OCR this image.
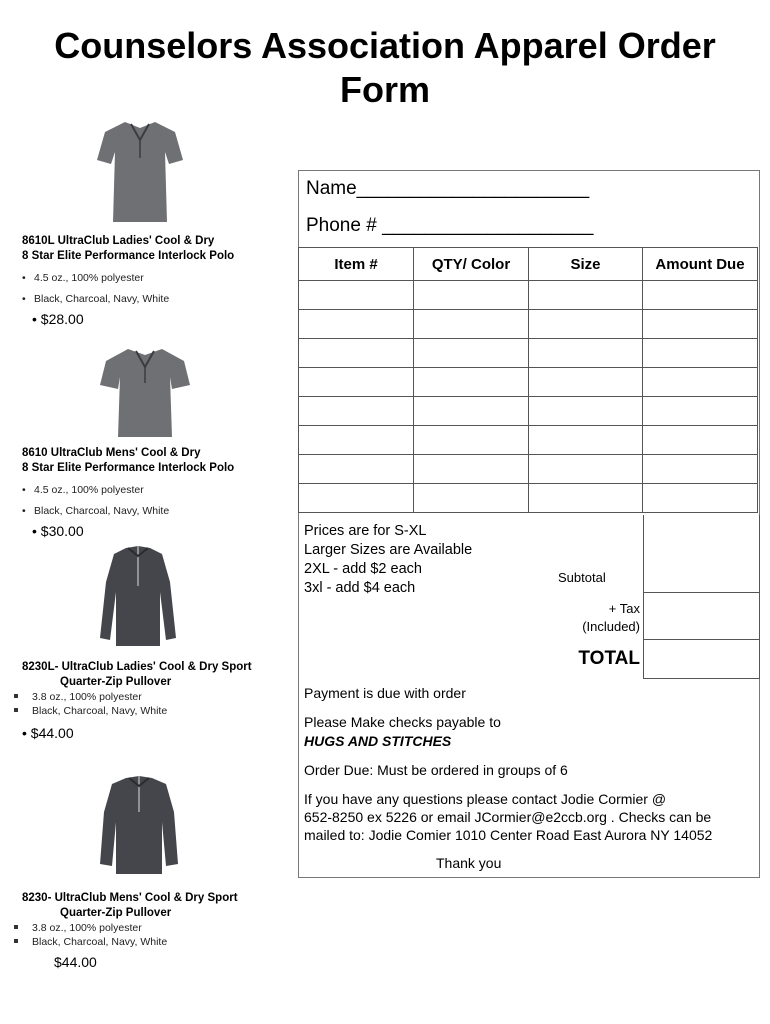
Counselors Association Apparel Order
Form
8610L UltraClub Ladies' Cool & Dry
8 Star Elite Performance Interlock Polo
• 4.5 oz., 100% polyester
• Black, Charcoal, Navy, White
• $28.00
8610 UltraClub Mens' Cool & Dry
8 Star Elite Performance Interlock Polo
• 4.5 oz., 100% polyester
• Black, Charcoal, Navy, White
• $30.00
8230L- UltraClub Ladies' Cool & Dry Sport
Quarter-Zip Pullover
3.8 oz., 100% polyester
Black, Charcoal, Navy, White
• $44.00
8230- UltraClub Mens' Cool & Dry Sport
Quarter-Zip Pullover
3.8 oz., 100% polyester
Black, Charcoal, Navy, White
$44.00
Name______________________
Phone # ____________________
Item #	QTY/ Color	Size	Amount Due

Prices are for S-XL
Larger Sizes are Available
2XL - add $2 each
3xl - add $4 each
Subtotal
+ Tax
(Included)
TOTAL
Payment is due with order
Please Make checks payable to
HUGS AND STITCHES
Order Due: Must be ordered in groups of 6
If you have any questions please contact Jodie Cormier @
652-8250 ex 5226 or email JCormier@e2ccb.org . Checks can be
mailed to: Jodie Comier 1010 Center Road East Aurora NY 14052
Thank you
